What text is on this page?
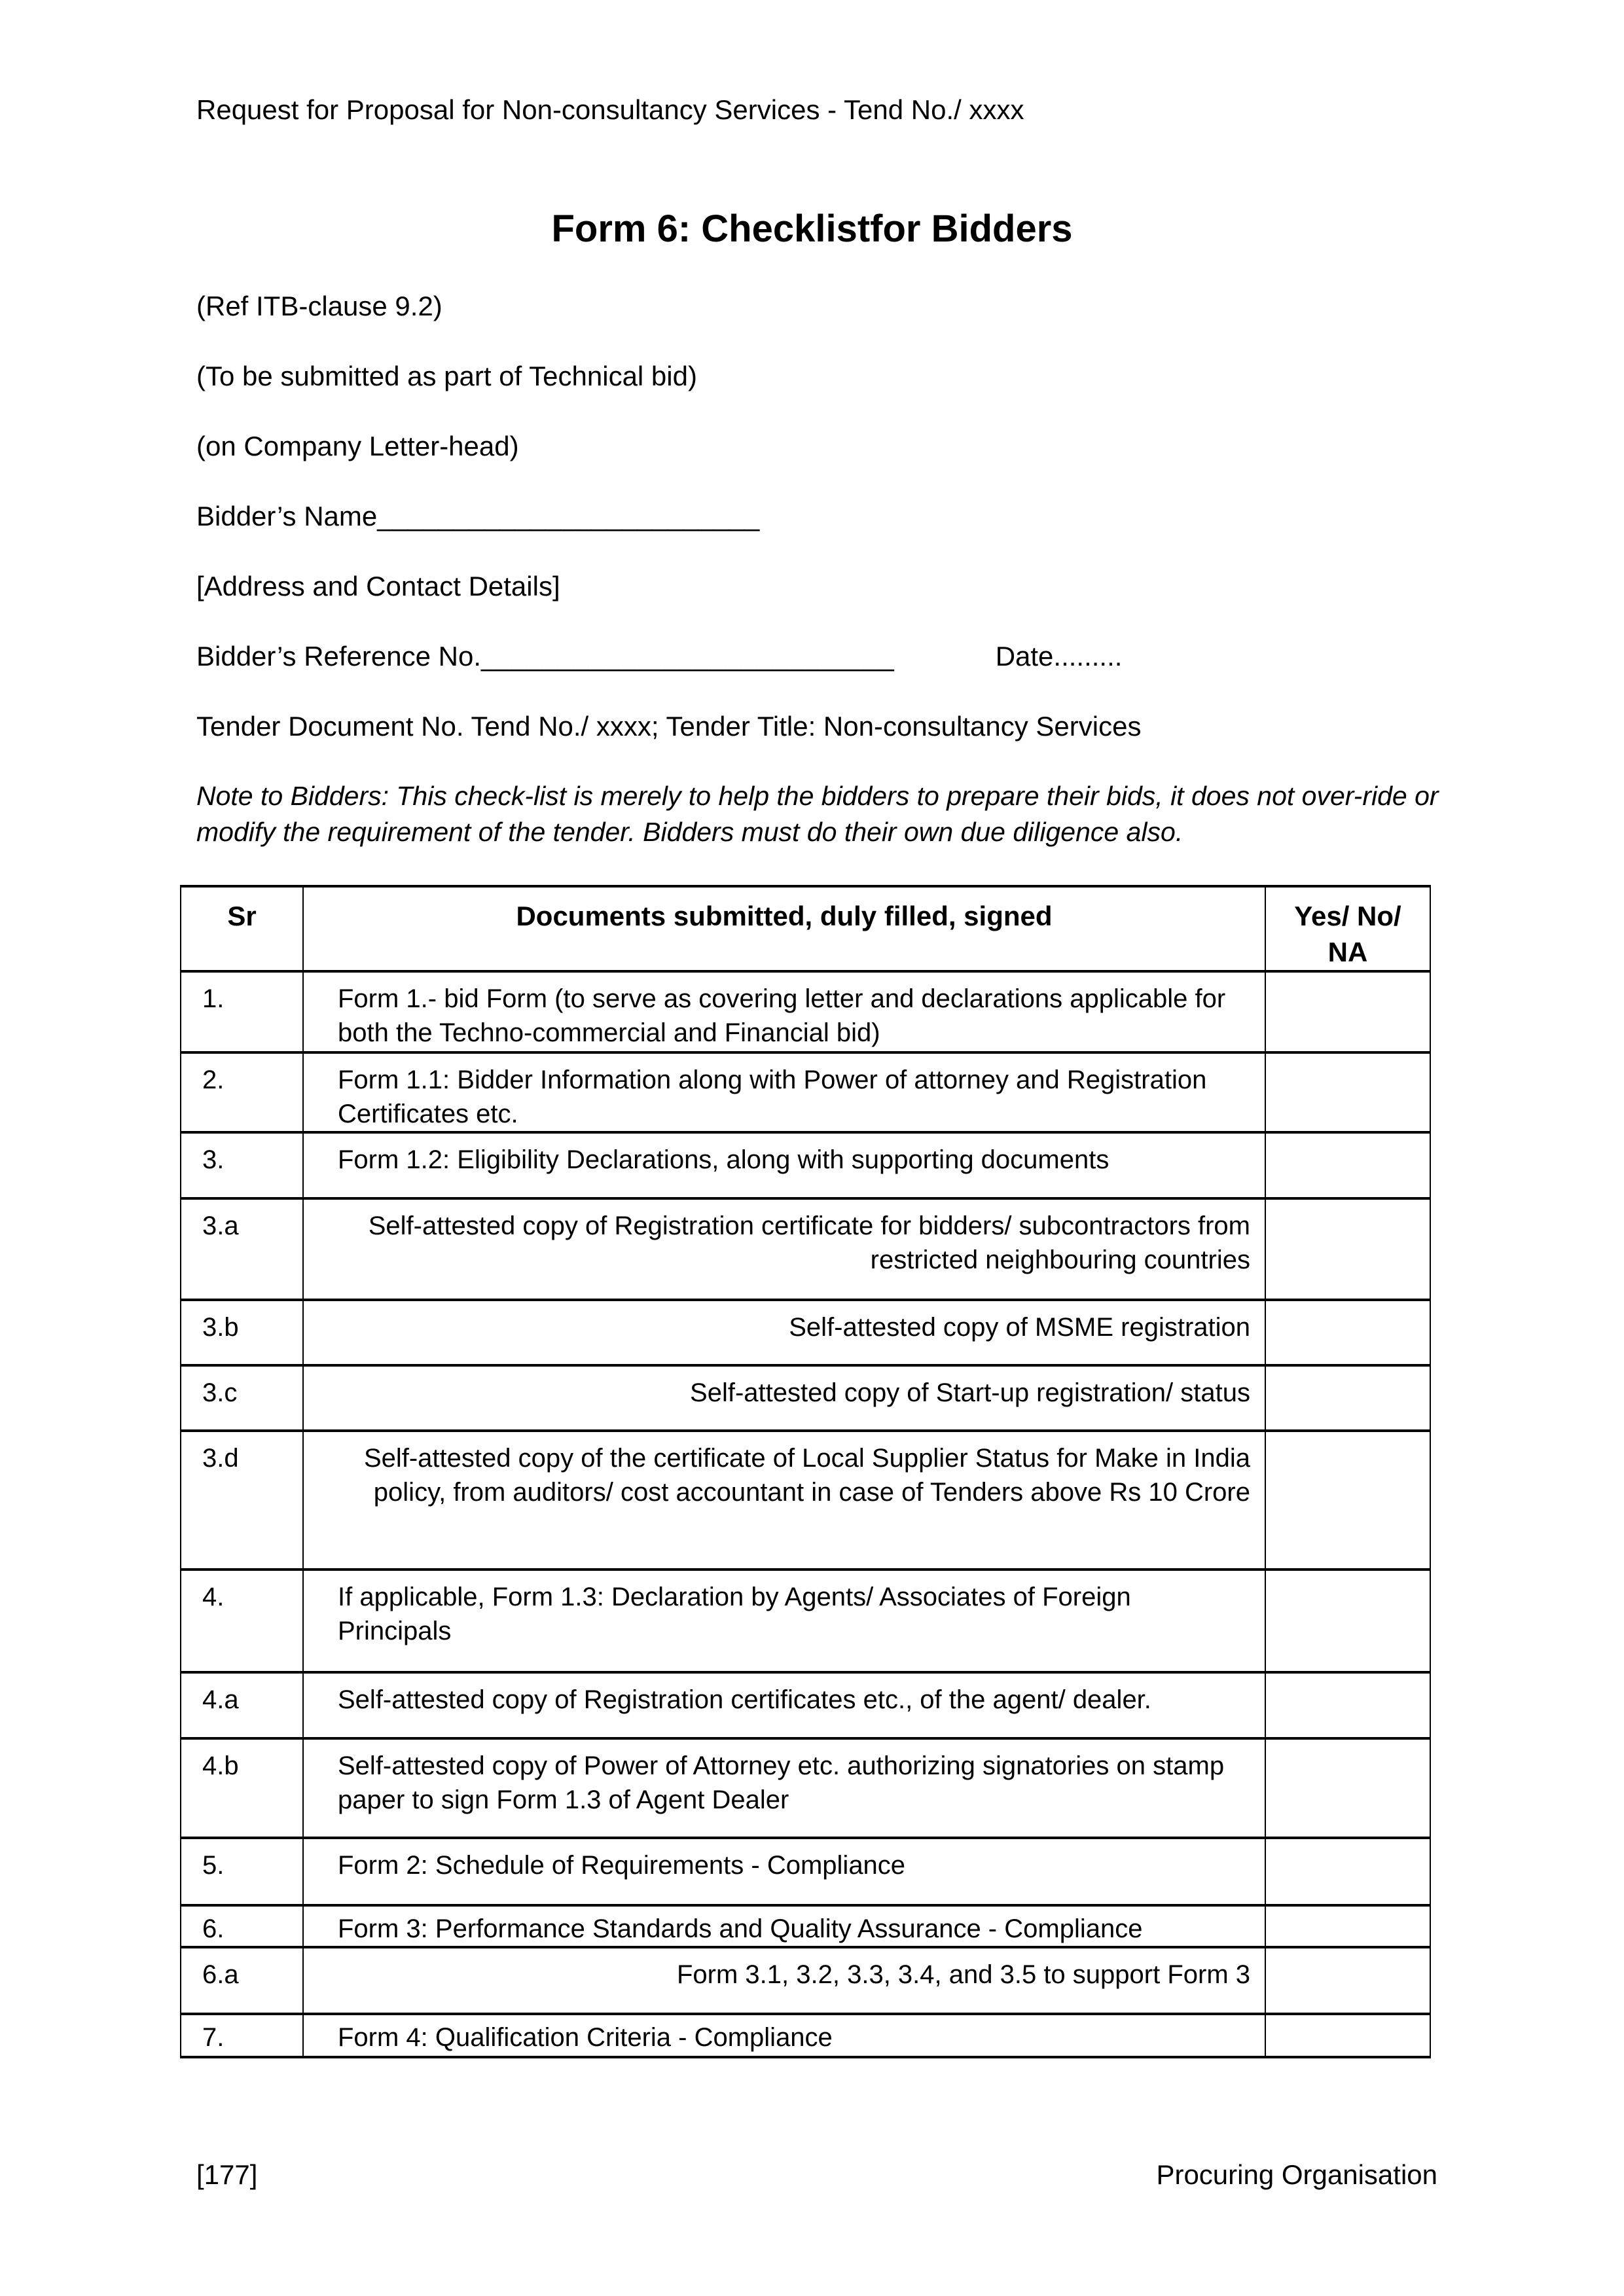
Request for Proposal for Non-consultancy Services - Tend No./ xxxx
Form 6: Checklistfor Bidders

(Ref ITB-clause 9.2)

(To be submitted as part of Technical bid)

(on Company Letter-head)

Bidder’s Name_________________________

[Address and Contact Details]

Bidder’s Reference No.___________________________	Date.........

Tender Document No. Tend No./ xxxx; Tender Title: Non-consultancy Services

Note to Bidders: This check-list is merely to help the bidders to prepare their bids, it does not over-ride or modify the requirement of the tender. Bidders must do their own due diligence also.

Sr	Documents submitted, duly filled, signed	Yes/ No/ NA
1.	Form 1.- bid Form (to serve as covering letter and declarations applicable for both the Techno-commercial and Financial bid)	
2.	Form 1.1: Bidder Information along with Power of attorney and Registration Certificates etc.	
3.	Form 1.2: Eligibility Declarations, along with supporting documents	
3.a	Self-attested copy of Registration certificate for bidders/ subcontractors from restricted neighbouring countries	
3.b	Self-attested copy of MSME registration	
3.c	Self-attested copy of Start-up registration/ status	
3.d	Self-attested copy of the certificate of Local Supplier Status for Make in India policy, from auditors/ cost accountant in case of Tenders above Rs 10 Crore	
4.	If applicable, Form 1.3: Declaration by Agents/ Associates of Foreign Principals	
4.a	Self-attested copy of Registration certificates etc., of the agent/ dealer.	
4.b	Self-attested copy of Power of Attorney etc. authorizing signatories on stamp paper to sign Form 1.3 of Agent Dealer	
5.	Form 2: Schedule of Requirements - Compliance	
6.	Form 3: Performance Standards and Quality Assurance - Compliance	
6.a	Form 3.1, 3.2, 3.3, 3.4, and 3.5 to support Form 3	
7.	Form 4: Qualification Criteria - Compliance	
[177]	Procuring Organisation
